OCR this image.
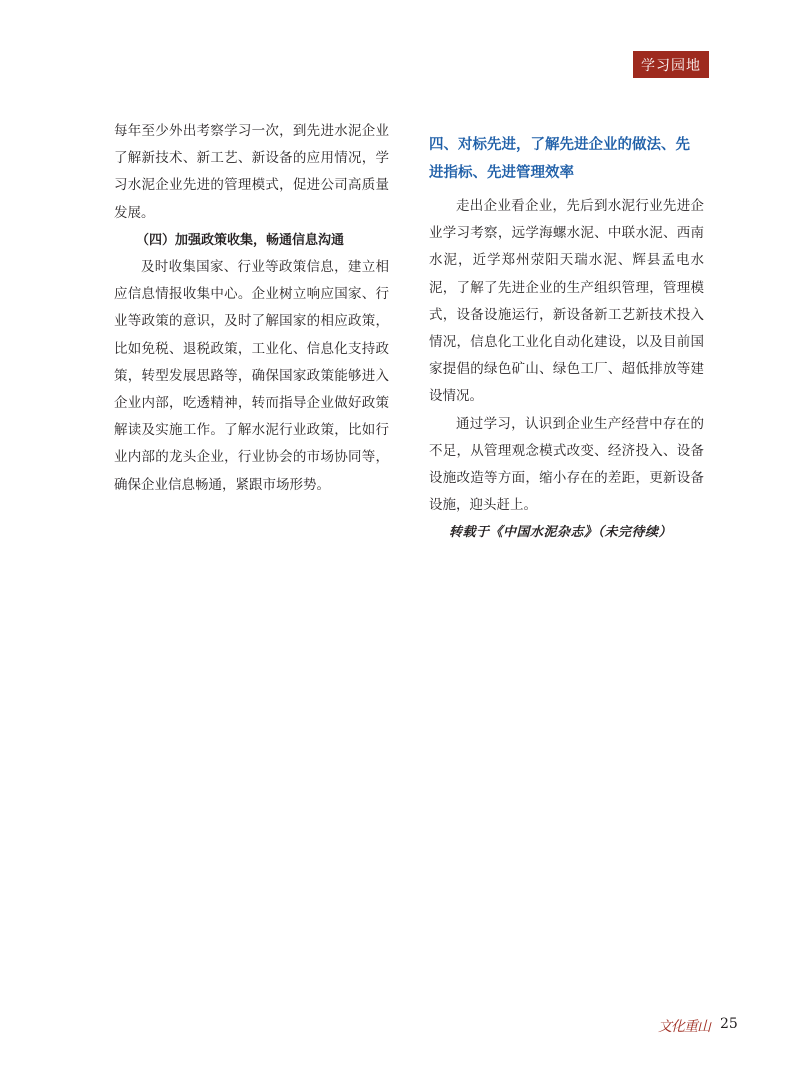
学习园地

每年至少外出考察学习一次，到先进水泥企业了解新技术、新工艺、新设备的应用情况，学习水泥企业先进的管理模式，促进公司高质量发展。

（四）加强政策收集，畅通信息沟通

及时收集国家、行业等政策信息，建立相应信息情报收集中心。企业树立响应国家、行业等政策的意识，及时了解国家的相应政策，比如免税、退税政策，工业化、信息化支持政策，转型发展思路等，确保国家政策能够进入企业内部，吃透精神，转而指导企业做好政策解读及实施工作。了解水泥行业政策，比如行业内部的龙头企业，行业协会的市场协同等，确保企业信息畅通，紧跟市场形势。

四、对标先进，了解先进企业的做法、先进指标、先进管理效率

走出企业看企业，先后到水泥行业先进企业学习考察，远学海螺水泥、中联水泥、西南水泥，近学郑州荥阳天瑞水泥、辉县孟电水泥，了解了先进企业的生产组织管理，管理模式，设备设施运行，新设备新工艺新技术投入情况，信息化工业化自动化建设，以及目前国家提倡的绿色矿山、绿色工厂、超低排放等建设情况。

通过学习，认识到企业生产经营中存在的不足，从管理观念模式改变、经济投入、设备设施改造等方面，缩小存在的差距，更新设备设施，迎头赶上。

转载于《中国水泥杂志》（未完待续）

文化重山 25
